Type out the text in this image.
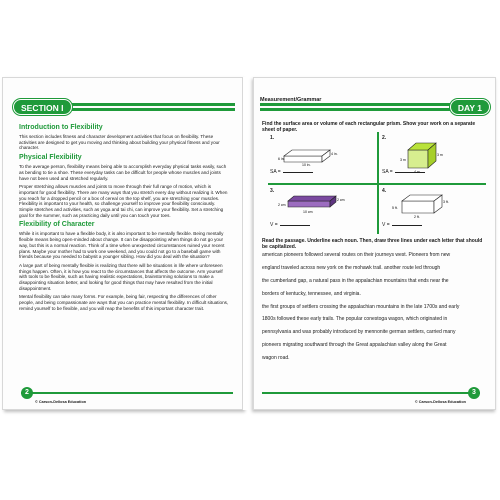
SECTION I
Introduction to Flexibility
This section includes fitness and character development activities that focus on flexibility. These activities are designed to get you moving and thinking about building your physical fitness and your character.
Physical Flexibility
To the average person, flexibility means being able to accomplish everyday physical tasks easily, such as bending to tie a shoe. These everyday tasks can be difficult for people whose muscles and joints have not been used and stretched regularly.
Proper stretching allows muscles and joints to move through their full range of motion, which is important for good flexibility. There are many ways that you stretch every day without realizing it. When you reach for a dropped pencil or a box of cereal on the top shelf, you are stretching your muscles. Flexibility is important to your health, so challenge yourself to improve your flexibility consciously. Simple stretches and activities, such as yoga and tai chi, can improve your flexibility. Set a stretching goal for the summer, such as practicing daily until you can touch your toes.
Flexibility of Character
While it is important to have a flexible body, it is also important to be mentally flexible. Being mentally flexible means being open-minded about change. It can be disappointing when things do not go your way, but this is a normal reaction. Think of a time when unexpected circumstances ruined your recent plans. Maybe your mother had to work one weekend, and you could not go to a baseball game with friends because you needed to babysit a younger sibling. How did you deal with the situation?
A large part of being mentally flexible is realizing that there will be situations in life where unforeseen things happen. Often, it is how you react to the circumstances that affects the outcome. Arm yourself with tools to be flexible, such as having realistic expectations, brainstorming solutions to make a disappointing situation better, and looking for good things that may have resulted from the initial disappointment.
Mental flexibility can take many forms. For example, being fair, respecting the differences of other people, and being compassionate are ways that you can practice mental flexibility. In difficult situations, remind yourself to be flexible, and you will reap the benefits of this important character trait.
2
© Carson-Dellosa Education
Measurement/Grammar
DAY 1
Find the surface area or volume of each rectangular prism. Show your work on a separate sheet of paper.
1.
4 in.
10 in.
6 in.
SA =
2.
3 m
4 m
3 m
SA =
3.
10 cm
2 cm
2 cm
V =
4.
3 ft.
2 ft.
5 ft.
V =
Read the passage. Underline each noun. Then, draw three lines under each letter that should be capitalized.
american pioneers followed several routes on their journeys west. Pioneers from new
england traveled across new york on the mohawk trail. another route led through
the cumberland gap, a natural pass in the appalachian mountains that ends near the
borders of kentucky, tennessee, and virginia.
the first groups of settlers crossing the appalachian mountains in the late 1700s and early
1800s followed these early trails. The popular conestoga wagon, which originated in
pennsylvania and was probably introduced by mennonite german settlers, carried many
pioneers migrating southward through the Great appalachian valley along the Great
wagon road.
3
© Carson-Dellosa Education
